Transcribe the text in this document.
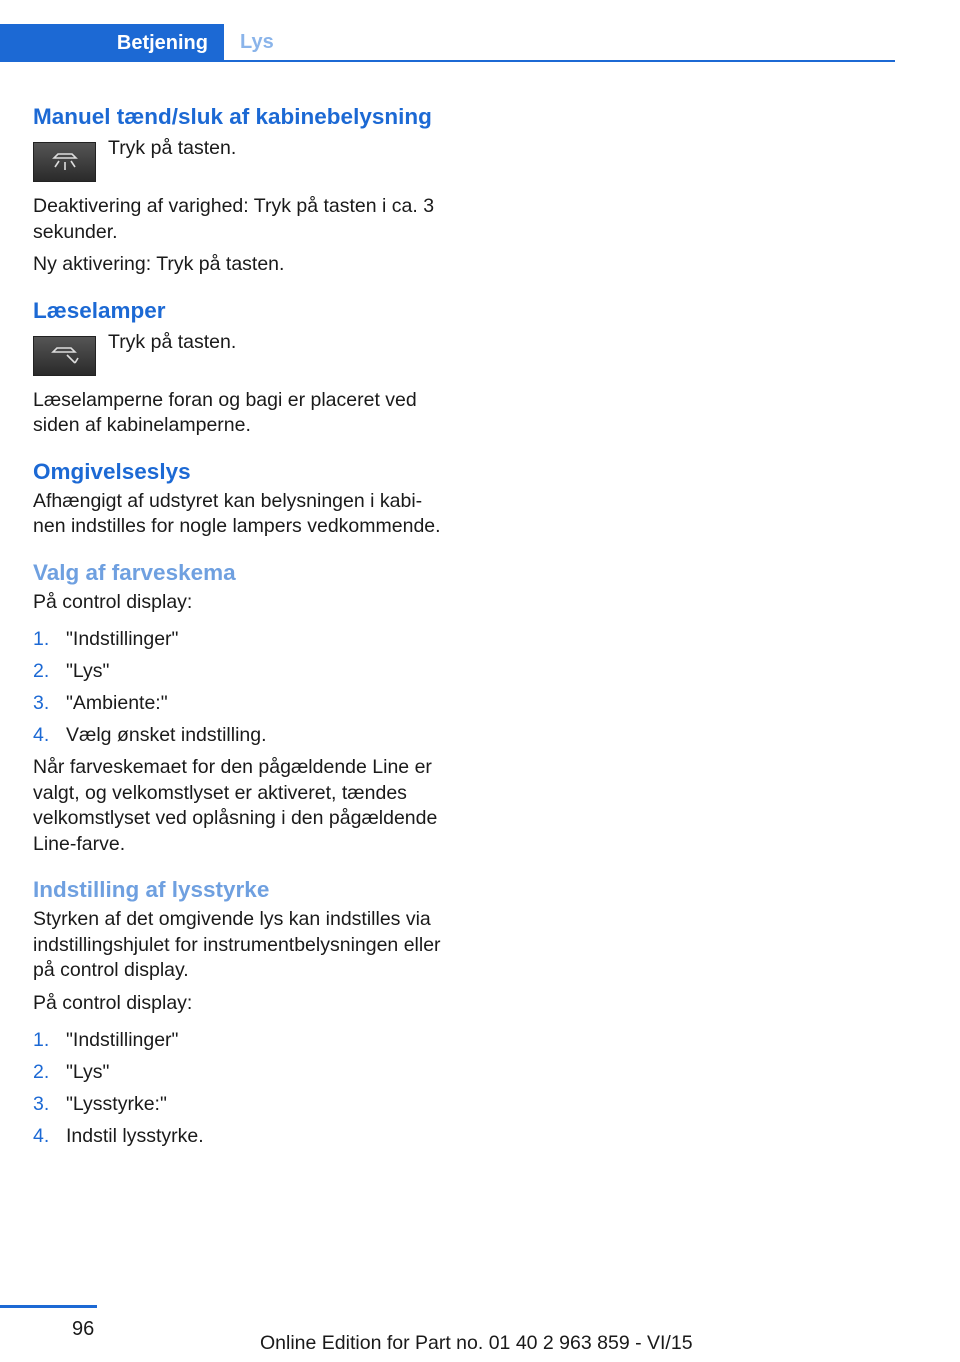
Betjening	Lys
Manuel tænd/sluk af kabinebelysning

Tryk på tasten.

Deaktivering af varighed: Tryk på tasten i ca. 3 sekunder.

Ny aktivering: Tryk på tasten.

Læselamper

Tryk på tasten.

Læselamperne foran og bagi er placeret ved siden af kabinelamperne.

Omgivelseslys

Afhængigt af udstyret kan belysningen i kabinen indstilles for nogle lampers vedkommende.

Valg af farveskema

På control display:

1. "Indstillinger"
2. "Lys"
3. "Ambiente:"
4. Vælg ønsket indstilling.

Når farveskemaet for den pågældende Line er valgt, og velkomstlyset er aktiveret, tændes velkomstlyset ved oplåsning i den pågældende Line-farve.

Indstilling af lysstyrke

Styrken af det omgivende lys kan indstilles via indstillingshjulet for instrumentbelysningen eller på control display.

På control display:

1. "Indstillinger"
2. "Lys"
3. "Lysstyrke:"
4. Indstil lysstyrke.
96
Online Edition for Part no. 01 40 2 963 859 - VI/15
